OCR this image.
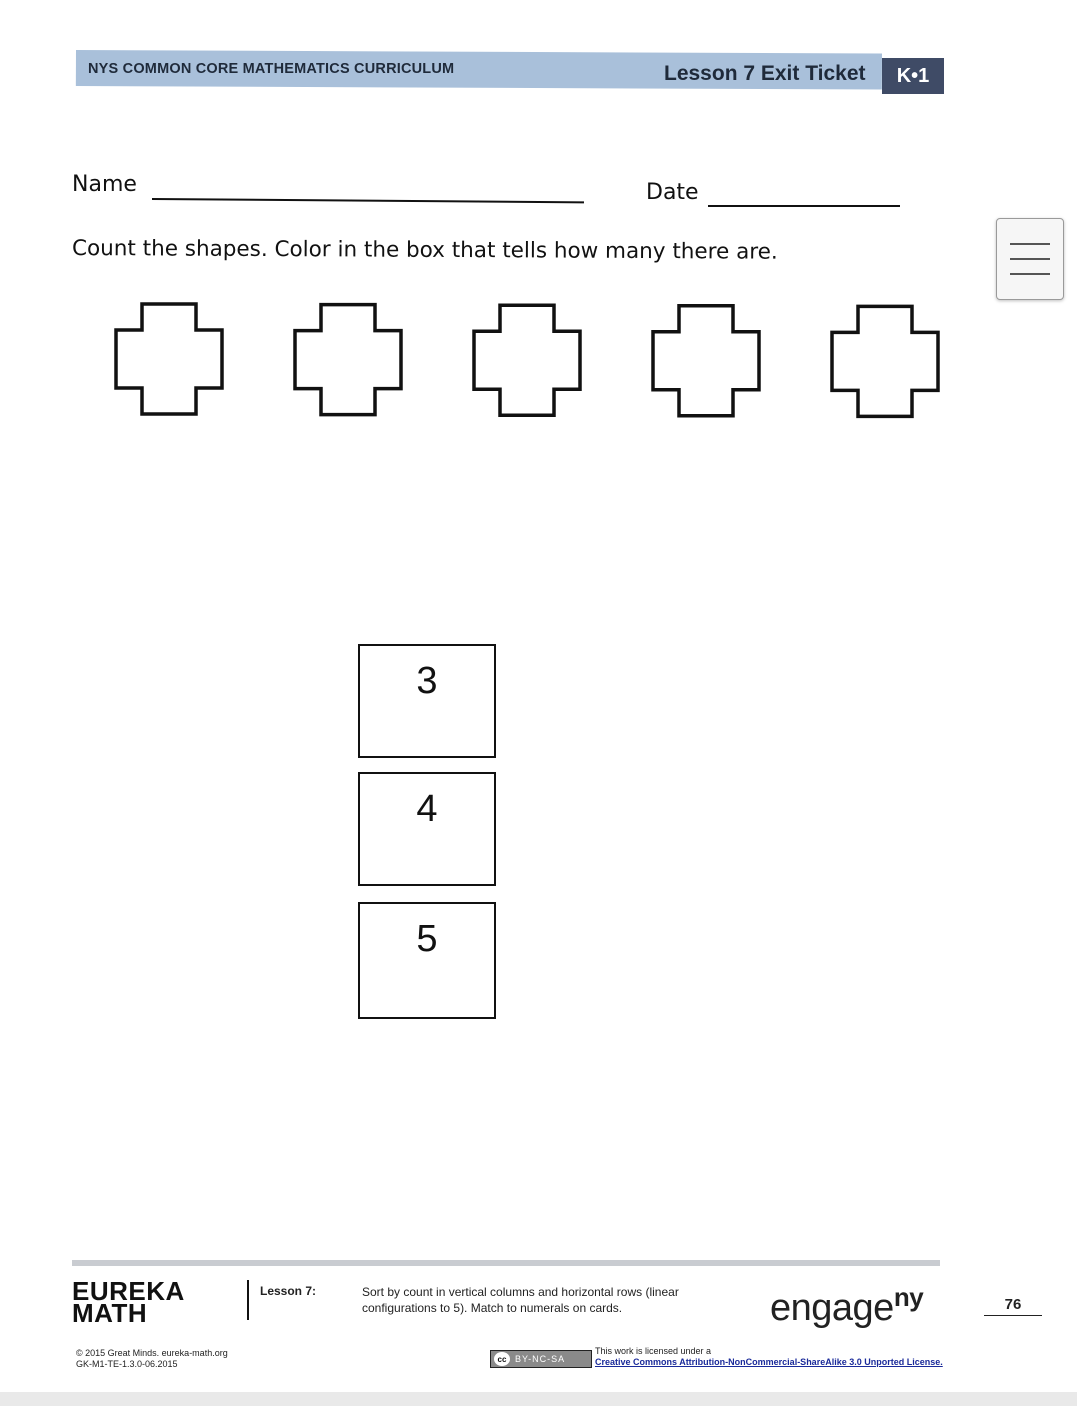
NYS COMMON CORE MATHEMATICS CURRICULUM	Lesson 7 Exit Ticket	K•1
Name	Date
Count the shapes. Color in the box that tells how many there are.
3
4
5
EUREKA
MATH
Lesson 7:	Sort by count in vertical columns and horizontal rows (linear configurations to 5). Match to numerals on cards.	engage$^{ny}$	76
© 2015 Great Minds. eureka-math.org
GK-M1-TE-1.3.0-06.2015	cc BY-NC-SA
This work is licensed under a
Creative Commons Attribution-NonCommercial-ShareAlike 3.0 Unported License.
